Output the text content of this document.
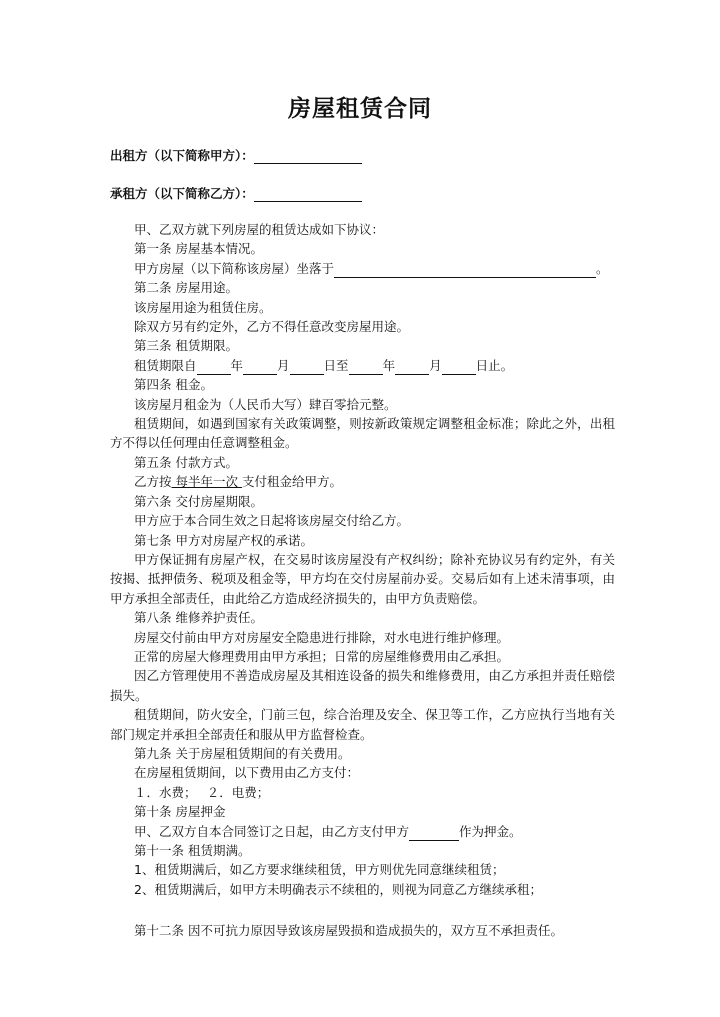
房屋租赁合同
出租方（以下简称甲方）：
承租方（以下简称乙方）：
甲、乙双方就下列房屋的租赁达成如下协议：
第一条 房屋基本情况。
甲方房屋（以下简称该房屋）坐落于	。
第二条 房屋用途。
该房屋用途为租赁住房。
除双方另有约定外，乙方不得任意改变房屋用途。
第三条 租赁期限。
租赁期限自	年	月	日至	年	月	日止。
第四条 租金。
该房屋月租金为（人民币大写）肆百零拾元整。
租赁期间，如遇到国家有关政策调整，则按新政策规定调整租金标准；除此之外，出租方不得以任何理由任意调整租金。
第五条 付款方式。
乙方按 每半年一次 支付租金给甲方。
第六条 交付房屋期限。
甲方应于本合同生效之日起将该房屋交付给乙方。
第七条 甲方对房屋产权的承诺。
甲方保证拥有房屋产权，在交易时该房屋没有产权纠纷；除补充协议另有约定外，有关按揭、抵押债务、税项及租金等，甲方均在交付房屋前办妥。交易后如有上述未清事项，由甲方承担全部责任，由此给乙方造成经济损失的，由甲方负责赔偿。
第八条 维修养护责任。
房屋交付前由甲方对房屋安全隐患进行排除，对水电进行维护修理。
正常的房屋大修理费用由甲方承担；日常的房屋维修费用由乙承担。
因乙方管理使用不善造成房屋及其相连设备的损失和维修费用，由乙方承担并责任赔偿损失。
租赁期间，防火安全，门前三包，综合治理及安全、保卫等工作，乙方应执行当地有关部门规定并承担全部责任和服从甲方监督检查。
第九条 关于房屋租赁期间的有关费用。
在房屋租赁期间，以下费用由乙方支付：
１．水费；　 ２．电费；
第十条 房屋押金
甲、乙双方自本合同签订之日起，由乙方支付甲方	作为押金。
第十一条 租赁期满。
1、租赁期满后，如乙方要求继续租赁，甲方则优先同意继续租赁；
2、租赁期满后，如甲方未明确表示不续租的，则视为同意乙方继续承租；
第十二条 因不可抗力原因导致该房屋毁损和造成损失的，双方互不承担责任。
